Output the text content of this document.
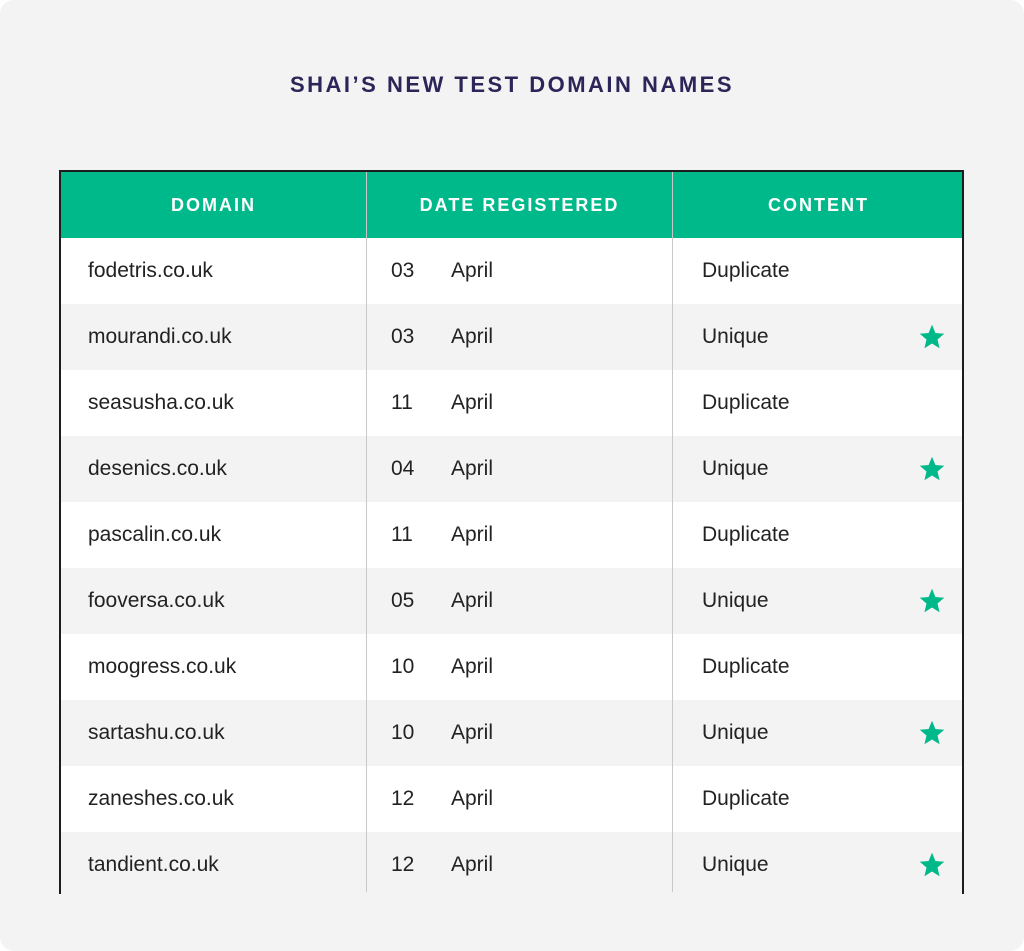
SHAI’S NEW TEST DOMAIN NAMES
DOMAIN	DATE REGISTERED	CONTENT
fodetris.co.uk	03 April	Duplicate
mourandi.co.uk	03 April	Unique
seasusha.co.uk	11 April	Duplicate
desenics.co.uk	04 April	Unique
pascalin.co.uk	11 April	Duplicate
fooversa.co.uk	05 April	Unique
moogress.co.uk	10 April	Duplicate
sartashu.co.uk	10 April	Unique
zaneshes.co.uk	12 April	Duplicate
tandient.co.uk	12 April	Unique
